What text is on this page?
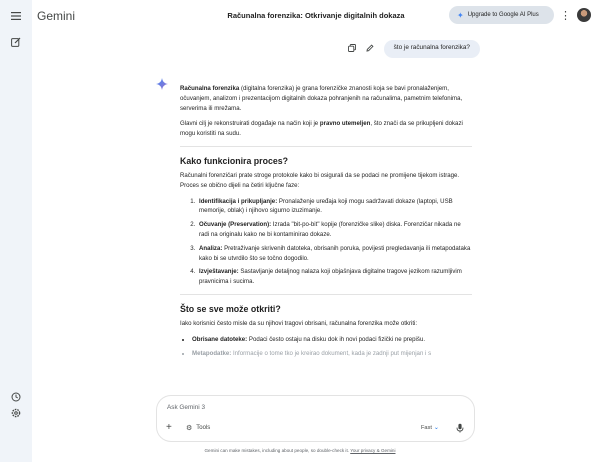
Gemini	Računalna forenzika: Otkrivanje digitalnih dokaza	✦ Upgrade to Google AI Plus ⋮
što je računalna forenzika?

Računalna forenzika (digitalna forenzika) je grana forenzičke znanosti koja se bavi pronalaženjem, očuvanjem, analizom i prezentacijom digitalnih dokaza pohranjenih na računalima, pametnim telefonima, serverima ili mrežama.

Glavni cilj je rekonstruirati događaje na način koji je pravno utemeljen, što znači da se prikupljeni dokazi mogu koristiti na sudu.

Kako funkcionira proces?

Računalni forenzičari prate stroge protokole kako bi osigurali da se podaci ne promijene tijekom istrage. Proces se obično dijeli na četiri ključne faze:

1. Identifikacija i prikupljanje: Pronalaženje uređaja koji mogu sadržavati dokaze (laptopi, USB memorije, oblak) i njihovo sigurno izuzimanje.
2. Očuvanje (Preservation): Izrada "bit-po-bit" kopije (forenzičke slike) diska. Forenzičar nikada ne radi na originalu kako ne bi kontaminirao dokaze.
3. Analiza: Pretraživanje skrivenih datoteka, obrisanih poruka, povijesti pregledavanja ili metapodataka kako bi se utvrdilo što se točno dogodilo.
4. Izvještavanje: Sastavljanje detaljnog nalaza koji objašnjava digitalne tragove jezikom razumljivim pravnicima i sucima.
Što se sve može otkriti?

Iako korisnici često misle da su njihovi tragovi obrisani, računalna forenzika može otkriti:

• Obrisane datoteke: Podaci često ostaju na disku dok ih novi podaci fizički ne prepišu.
• Metapodatke: Informacije o tome tko je kreirao dokument, kada je zadnji put mijenjan i s
Ask Gemini 3
+ ⚙ Tools	Fast ⌄
Gemini can make mistakes, including about people, so double-check it. Your privacy & Gemini
